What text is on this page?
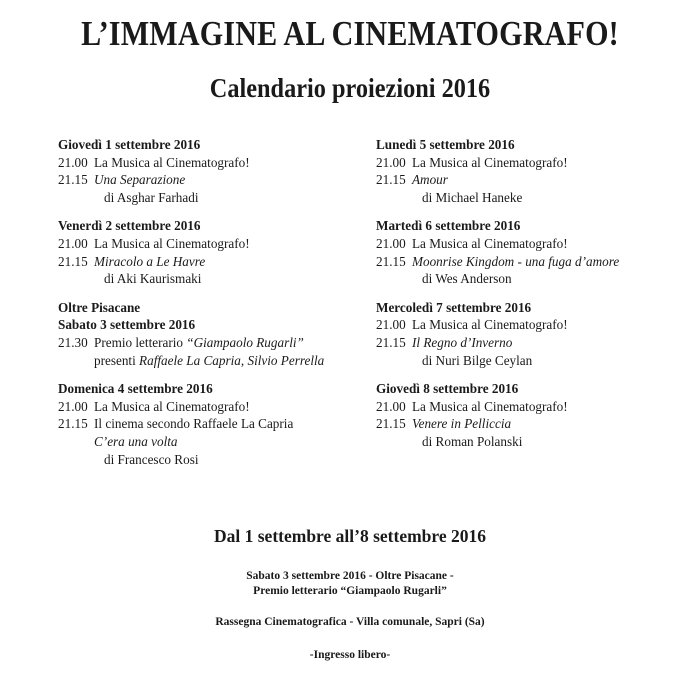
L’IMMAGINE AL CINEMATOGRAFO!
Calendario proiezioni 2016
Giovedì 1 settembre 2016
21.00 La Musica al Cinematografo!
21.15 Una Separazione
di Asghar Farhadi
Venerdì 2 settembre 2016
21.00 La Musica al Cinematografo!
21.15 Miracolo a Le Havre
di Aki Kaurismaki
Oltre Pisacane
Sabato 3 settembre 2016
21.30 Premio letterario “Giampaolo Rugarli”
presenti Raffaele La Capria, Silvio Perrella
Domenica 4 settembre 2016
21.00 La Musica al Cinematografo!
21.15 Il cinema secondo Raffaele La Capria
C’era una volta
di Francesco Rosi
Lunedì 5 settembre 2016
21.00 La Musica al Cinematografo!
21.15 Amour
di Michael Haneke
Martedì 6 settembre 2016
21.00 La Musica al Cinematografo!
21.15 Moonrise Kingdom - una fuga d’amore
di Wes Anderson
Mercoledì 7 settembre 2016
21.00 La Musica al Cinematografo!
21.15 Il Regno d’Inverno
di Nuri Bilge Ceylan
Giovedì 8 settembre 2016
21.00 La Musica al Cinematografo!
21.15 Venere in Pelliccia
di Roman Polanski
Dal 1 settembre all’8 settembre 2016
Sabato 3 settembre 2016 - Oltre Pisacane -
Premio letterario “Giampaolo Rugarli”
Rassegna Cinematografica - Villa comunale, Sapri (Sa)
-Ingresso libero-
